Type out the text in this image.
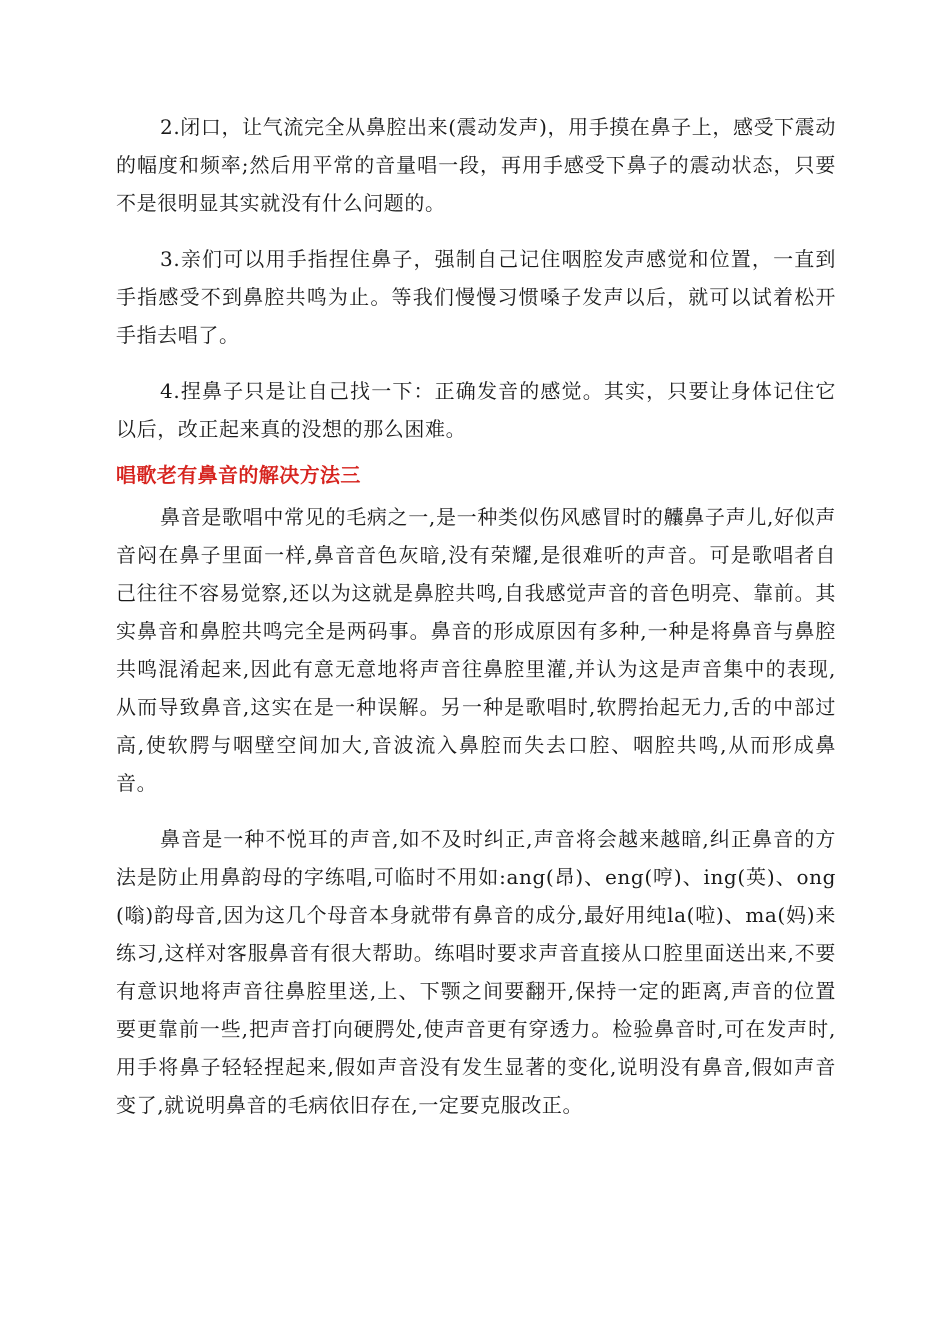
2.闭口，让气流完全从鼻腔出来(震动发声)，用手摸在鼻子上，感受下震动的幅度和频率;然后用平常的音量唱一段，再用手感受下鼻子的震动状态，只要不是很明显其实就没有什么问题的。

3.亲们可以用手指捏住鼻子，强制自己记住咽腔发声感觉和位置，一直到手指感受不到鼻腔共鸣为止。等我们慢慢习惯嗓子发声以后，就可以试着松开手指去唱了。

4.捏鼻子只是让自己找一下：正确发音的感觉。其实，只要让身体记住它以后，改正起来真的没想的那么困难。

唱歌老有鼻音的解决方法三

鼻音是歌唱中常见的毛病之一,是一种类似伤风感冒时的齉鼻子声儿,好似声音闷在鼻子里面一样,鼻音音色灰暗,没有荣耀,是很难听的声音。可是歌唱者自己往往不容易觉察,还以为这就是鼻腔共鸣,自我感觉声音的音色明亮、靠前。其实鼻音和鼻腔共鸣完全是两码事。鼻音的形成原因有多种,一种是将鼻音与鼻腔共鸣混淆起来,因此有意无意地将声音往鼻腔里灌,并认为这是声音集中的表现,从而导致鼻音,这实在是一种误解。另一种是歌唱时,软腭抬起无力,舌的中部过高,使软腭与咽壁空间加大,音波流入鼻腔而失去口腔、咽腔共鸣,从而形成鼻音。

鼻音是一种不悦耳的声音,如不及时纠正,声音将会越来越暗,纠正鼻音的方法是防止用鼻韵母的字练唱,可临时不用如:ang(昂)、eng(哼)、ing(英)、ong(嗡)韵母音,因为这几个母音本身就带有鼻音的成分,最好用纯la(啦)、ma(妈)来练习,这样对客服鼻音有很大帮助。练唱时要求声音直接从口腔里面送出来,不要有意识地将声音往鼻腔里送,上、下颚之间要翻开,保持一定的距离,声音的位置要更靠前一些,把声音打向硬腭处,使声音更有穿透力。检验鼻音时,可在发声时,用手将鼻子轻轻捏起来,假如声音没有发生显著的变化,说明没有鼻音,假如声音变了,就说明鼻音的毛病依旧存在,一定要克服改正。
